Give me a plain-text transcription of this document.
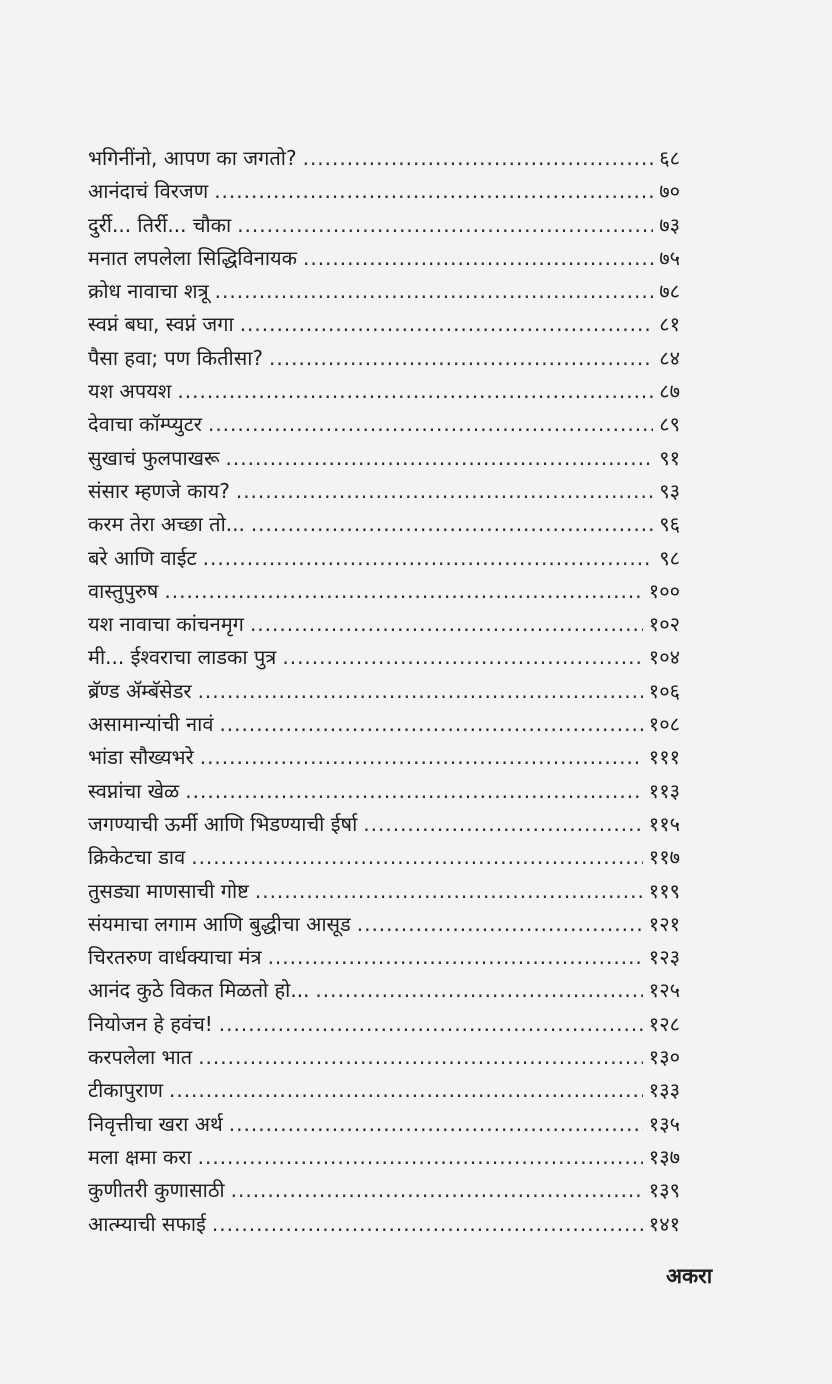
भगिनींनो, आपण का जगतो? .....	६८
आनंदाचं विरजण .....	७०
दुर्री... तिर्री... चौका .....	७३
मनात लपलेला सिद्धिविनायक .....	७५
क्रोध नावाचा शत्रू .....	७८
स्वप्नं बघा, स्वप्नं जगा .....	८१
पैसा हवा; पण कितीसा? .....	८४
यश अपयश .....	८७
देवाचा कॉम्प्युटर .....	८९
सुखाचं फुलपाखरू .....	९१
संसार म्हणजे काय? .....	९३
करम तेरा अच्छा तो... .....	९६
बरे आणि वाईट .....	९८
वास्तुपुरुष .....	१००
यश नावाचा कांचनमृग .....	१०२
मी... ईश्वराचा लाडका पुत्र .....	१०४
ब्रॅण्ड ॲम्बॅसेडर .....	१०६
असामान्यांची नावं .....	१०८
भांडा सौख्यभरे .....	१११
स्वप्नांचा खेळ .....	११३
जगण्याची ऊर्मी आणि भिडण्याची ईर्षा .....	११५
क्रिकेटचा डाव .....	११७
तुसड्या माणसाची गोष्ट .....	११९
संयमाचा लगाम आणि बुद्धीचा आसूड .....	१२१
चिरतरुण वार्धक्याचा मंत्र .....	१२३
आनंद कुठे विकत मिळतो हो... .....	१२५
नियोजन हे हवंच! .....	१२८
करपलेला भात .....	१३०
टीकापुराण .....	१३३
निवृत्तीचा खरा अर्थ .....	१३५
मला क्षमा करा .....	१३७
कुणीतरी कुणासाठी .....	१३९
आत्म्याची सफाई .....	१४१
अकरा
